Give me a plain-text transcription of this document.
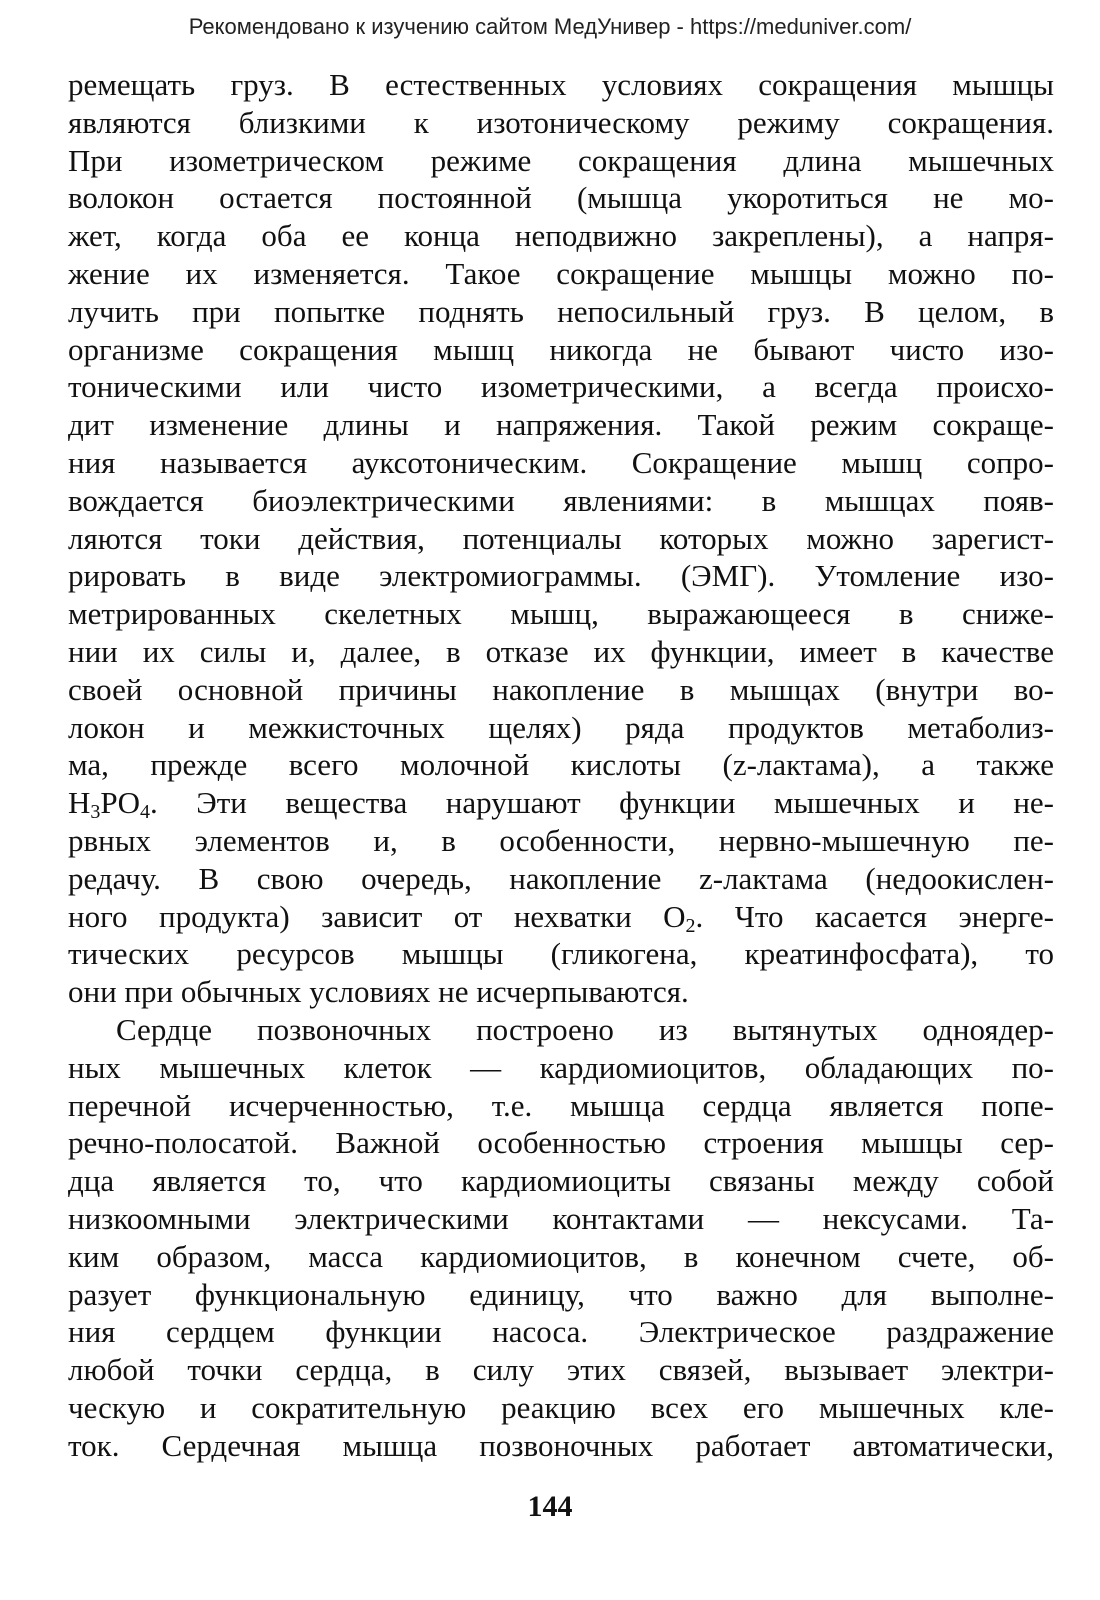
Рекомендовано к изучению сайтом МедУнивер - https://meduniver.com/
ремещать груз. В естественных условиях сокращения мышцы
являются близкими к изотоническому режиму сокращения.
При изометрическом режиме сокращения длина мышечных
волокон остается постоянной (мышца укоротиться не мо-
жет, когда оба ее конца неподвижно закреплены), а напря-
жение их изменяется. Такое сокращение мышцы можно по-
лучить при попытке поднять непосильный груз. В целом, в
организме сокращения мышц никогда не бывают чисто изо-
тоническими или чисто изометрическими, а всегда происхо-
дит изменение длины и напряжения. Такой режим сокраще-
ния называется ауксотоническим. Сокращение мышц сопро-
вождается биоэлектрическими явлениями: в мышцах появ-
ляются токи действия, потенциалы которых можно зарегист-
рировать в виде электромиограммы. (ЭМГ). Утомление изо-
метрированных скелетных мышц, выражающееся в сниже-
нии их силы и, далее, в отказе их функции, имеет в качестве
своей основной причины накопление в мышцах (внутри во-
локон и межкисточных щелях) ряда продуктов метаболиз-
ма, прежде всего молочной кислоты (z-лактама), а также
$H_3PO_4$. Эти вещества нарушают функции мышечных и не-
рвных элементов и, в особенности, нервно-мышечную пе-
редачу. В свою очередь, накопление z-лактама (недоокислен-
ного продукта) зависит от нехватки $O_2$. Что касается энерге-
тических ресурсов мышцы (гликогена, креатинфосфата), то
они при обычных условиях не исчерпываются.
Сердце позвоночных построено из вытянутых одноядер-
ных мышечных клеток — кардиомиоцитов, обладающих по-
перечной исчерченностью, т.е. мышца сердца является попе-
речно-полосатой. Важной особенностью строения мышцы сер-
дца является то, что кардиомиоциты связаны между собой
низкоомными электрическими контактами — нексусами. Та-
ким образом, масса кардиомиоцитов, в конечном счете, об-
разует функциональную единицу, что важно для выполне-
ния сердцем функции насоса. Электрическое раздражение
любой точки сердца, в силу этих связей, вызывает электри-
ческую и сократительную реакцию всех его мышечных кле-
ток. Сердечная мышца позвоночных работает автоматически,
144
